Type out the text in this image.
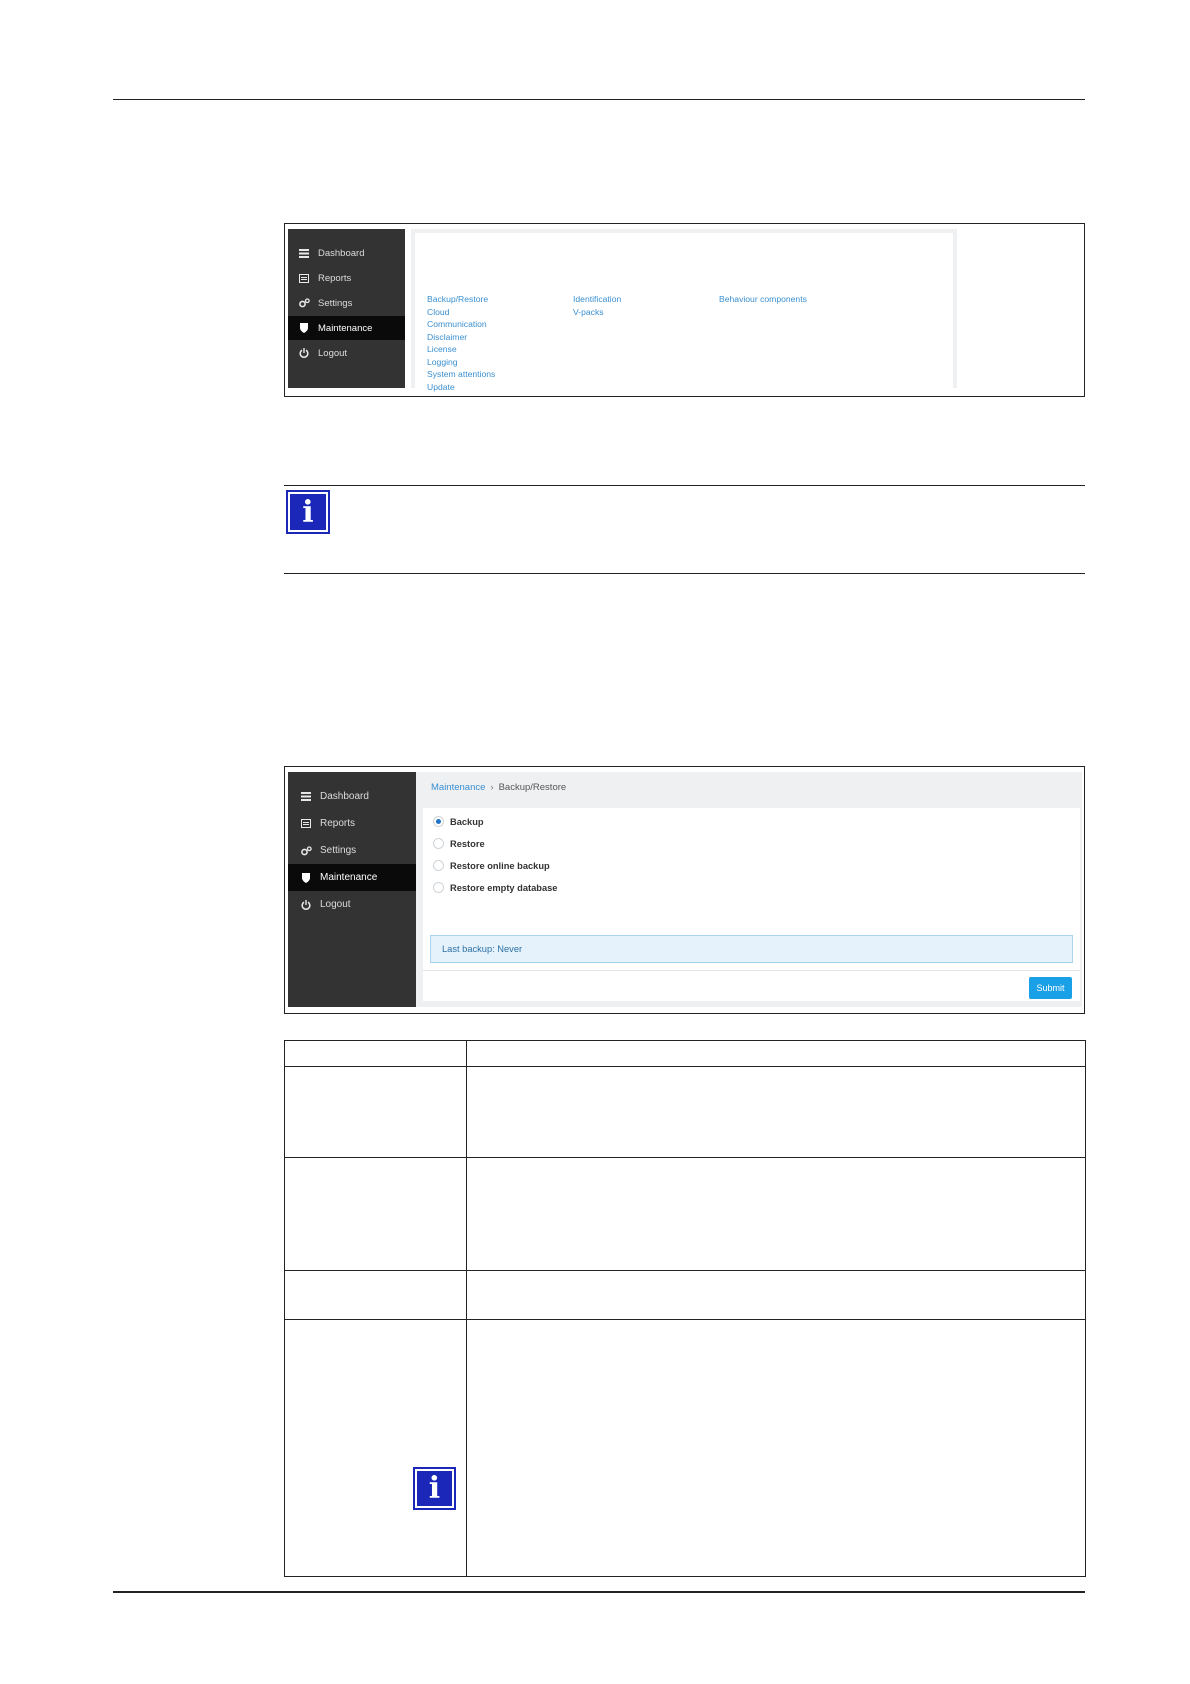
Dashboard
Reports
Settings
Maintenance
Logout
Backup/Restore
Cloud
Communication
Disclaimer
License
Logging
System attentions
Update
Identification
V-packs
Behaviour components
i
Dashboard
Reports
Settings
Maintenance
Logout
Maintenance › Backup/Restore
Backup
Restore
Restore online backup
Restore empty database
Last backup: Never
Submit

i	
